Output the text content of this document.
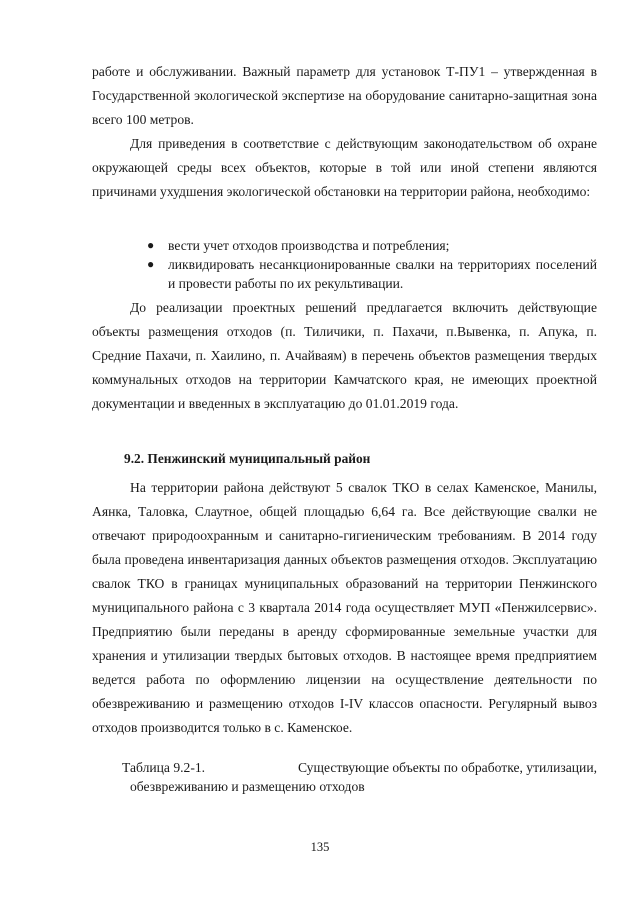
работе и обслуживании. Важный параметр для установок Т-ПУ1 – утвержденная в Государственной экологической экспертизе на оборудование санитарно-защитная зона всего 100 метров.

Для приведения в соответствие с действующим законодательством об охране окружающей среды всех объектов, которые в той или иной степени являются причинами ухудшения экологической обстановки на территории района, необходимо:

● вести учет отходов производства и потребления;
● ликвидировать несанкционированные свалки на территориях поселений и провести работы по их рекультивации.

До реализации проектных решений предлагается включить действующие объекты размещения отходов (п. Тиличики, п. Пахачи, п.Вывенка, п. Апука, п. Средние Пахачи, п. Хаилино, п. Ачайваям) в перечень объектов размещения твердых коммунальных отходов на территории Камчатского края, не имеющих проектной документации и введенных в эксплуатацию до 01.01.2019 года.

9.2. Пенжинский муниципальный район

На территории района действуют 5 свалок ТКО в селах Каменское, Манилы, Аянка, Таловка, Слаутное, общей площадью 6,64 га. Все действующие свалки не отвечают природоохранным и санитарно-гигиеническим требованиям. В 2014 году была проведена инвентаризация данных объектов размещения отходов. Эксплуатацию свалок ТКО в границах муниципальных образований на территории Пенжинского муниципального района с 3 квартала 2014 года осуществляет МУП «Пенжилсервис». Предприятию были переданы в аренду сформированные земельные участки для хранения и утилизации твердых бытовых отходов. В настоящее время предприятием ведется работа по оформлению лицензии на осуществление деятельности по обезвреживанию и размещению отходов I-IV классов опасности. Регулярный вывоз отходов производится только в с. Каменское.

Таблица 9.2-1.	Существующие объекты по обработке, утилизации,
обезвреживанию и размещению отходов
135
